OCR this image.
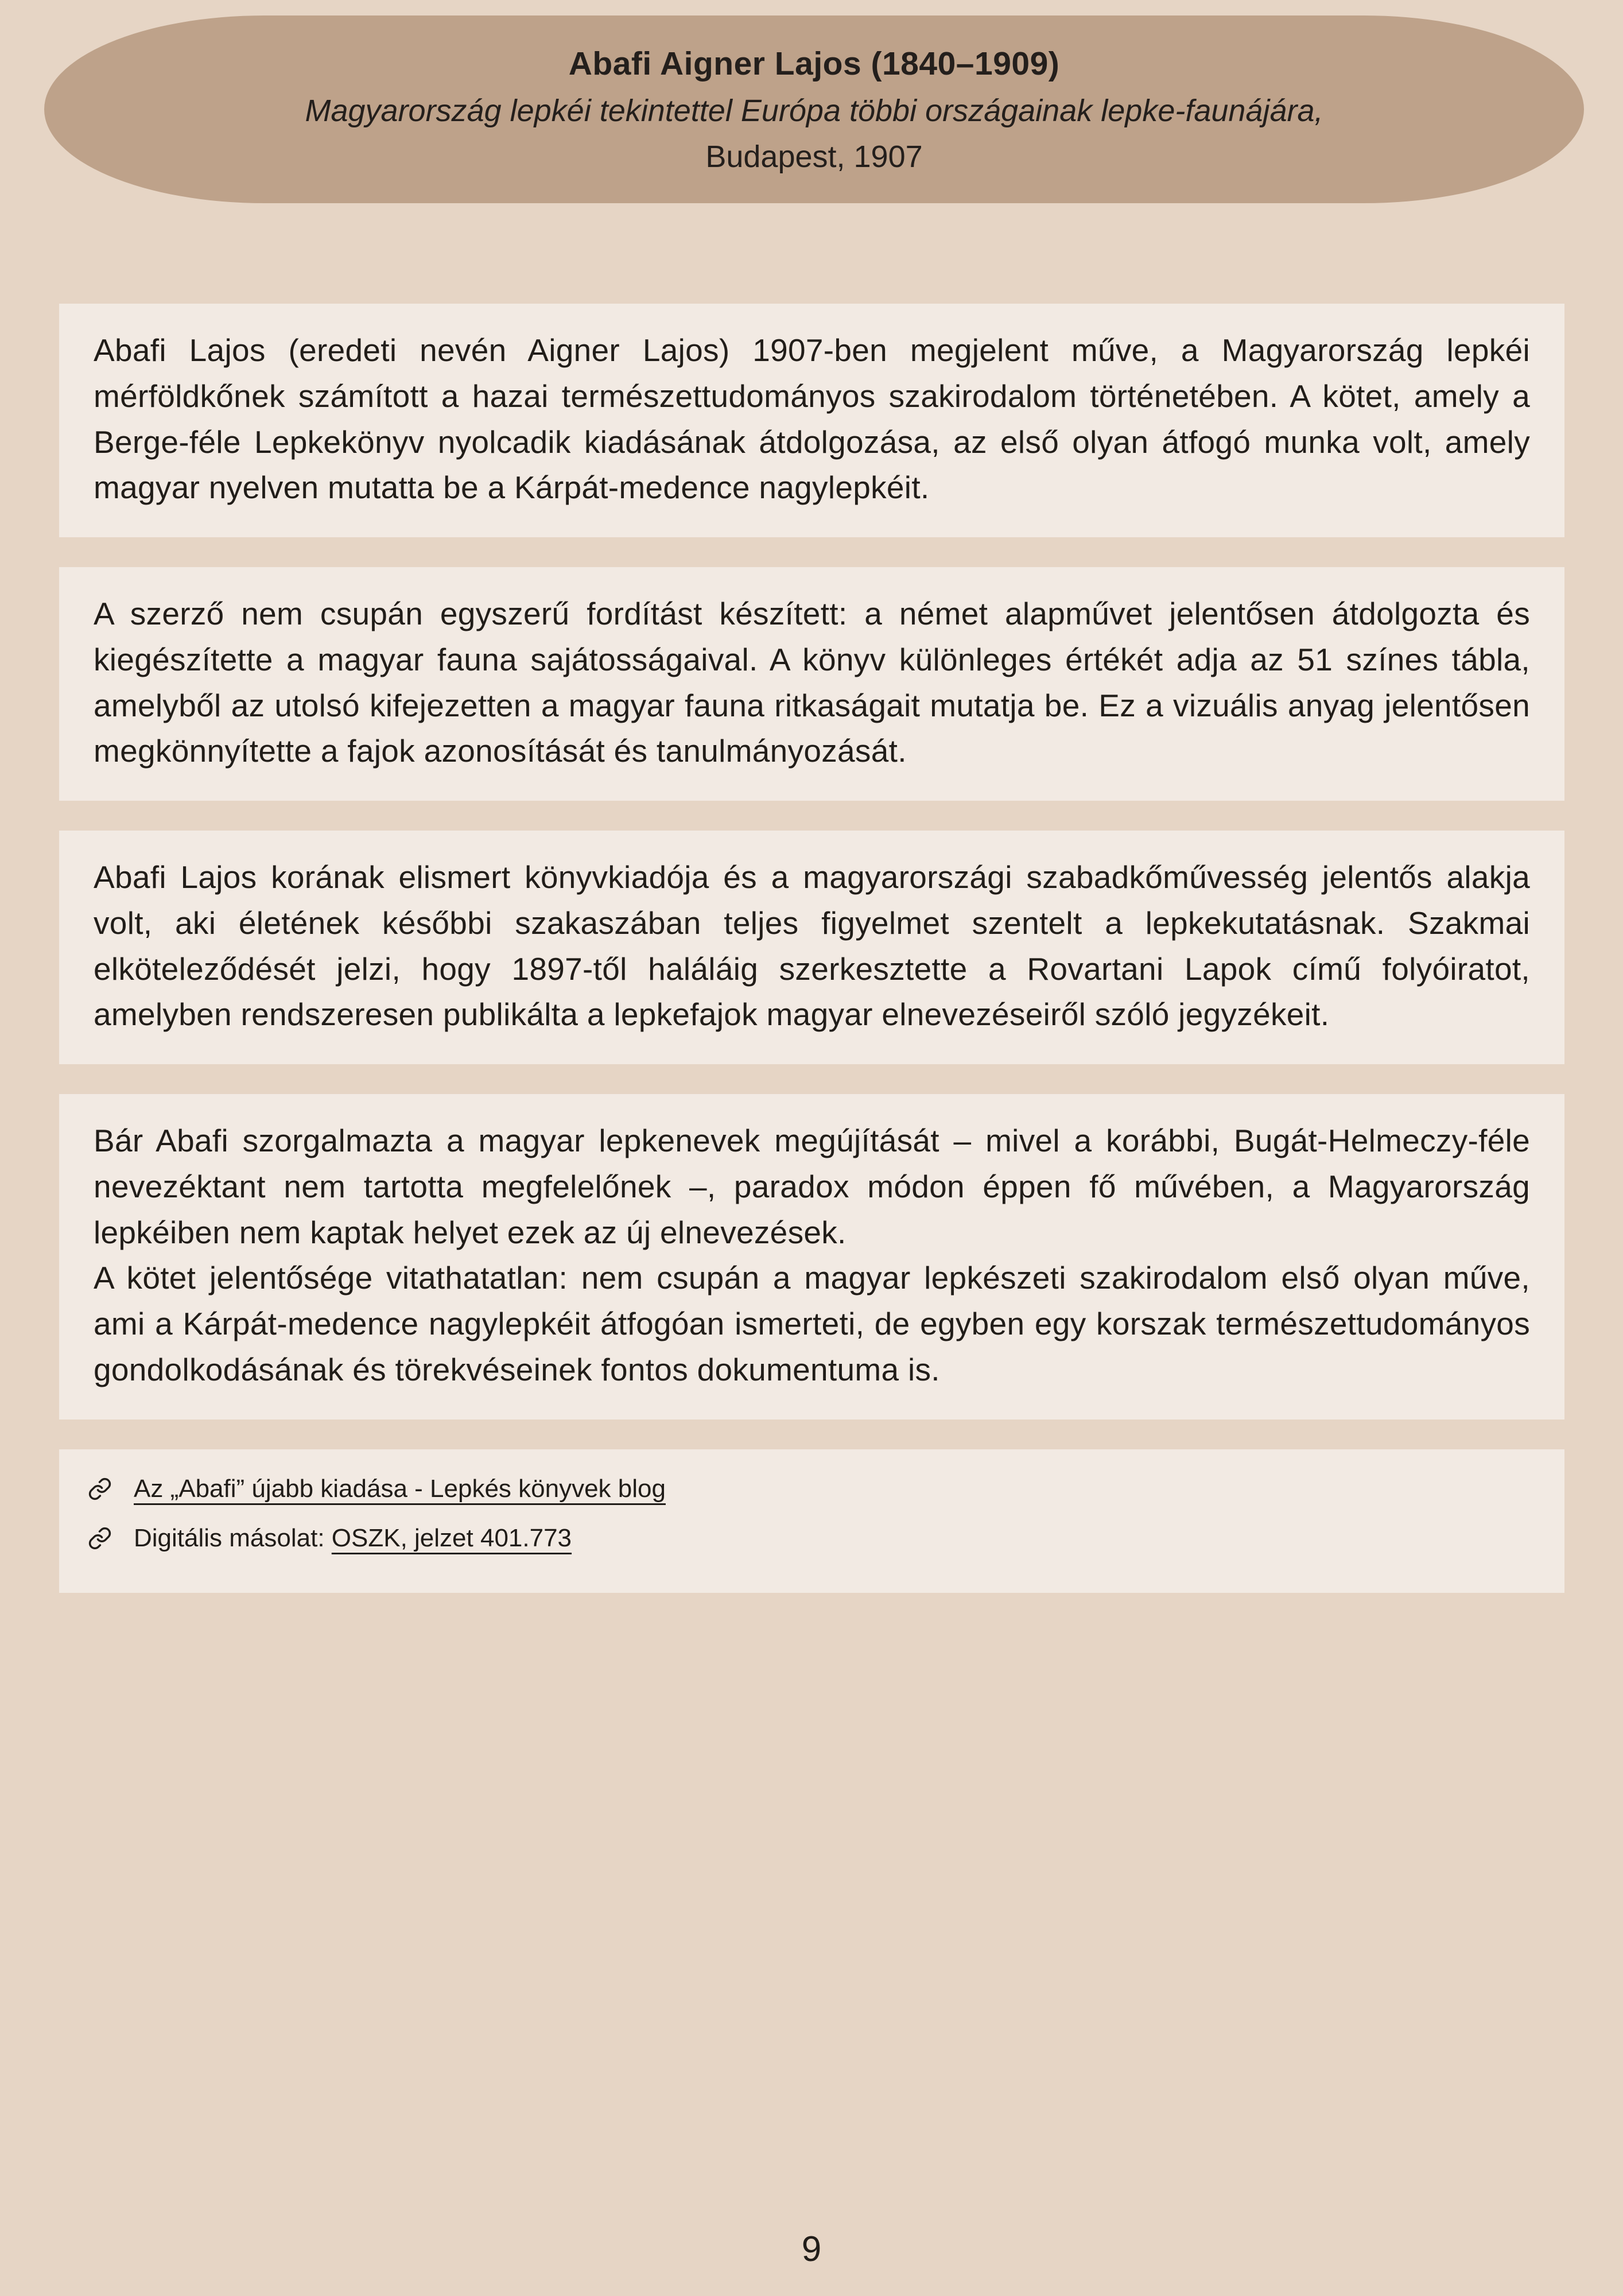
Abafi Aigner Lajos (1840–1909)

Magyarország lepkéi tekintettel Európa többi országainak lepke-faunájára,

Budapest, 1907

Abafi Lajos (eredeti nevén Aigner Lajos) 1907-ben megjelent műve, a Magyarország lepkéi mérföldkőnek számított a hazai természettudományos szakirodalom történetében. A kötet, amely a Berge-féle Lepkekönyv nyolcadik kiadásának átdolgozása, az első olyan átfogó munka volt, amely magyar nyelven mutatta be a Kárpát-medence nagylepkéit.

A szerző nem csupán egyszerű fordítást készített: a német alapművet jelentősen átdolgozta és kiegészítette a magyar fauna sajátosságaival. A könyv különleges értékét adja az 51 színes tábla, amelyből az utolsó kifejezetten a magyar fauna ritkaságait mutatja be. Ez a vizuális anyag jelentősen megkönnyítette a fajok azonosítását és tanulmányozását.

Abafi Lajos korának elismert könyvkiadója és a magyarországi szabadkőművesség jelentős alakja volt, aki életének későbbi szakaszában teljes figyelmet szentelt a lepkekutatásnak. Szakmai elköteleződését jelzi, hogy 1897-től haláláig szerkesztette a Rovartani Lapok című folyóiratot, amelyben rendszeresen publikálta a lepkefajok magyar elnevezéseiről szóló jegyzékeit.

Bár Abafi szorgalmazta a magyar lepkenevek megújítását – mivel a korábbi, Bugát-Helmeczy-féle nevezéktant nem tartotta megfelelőnek –, paradox módon éppen fő művében, a Magyarország lepkéiben nem kaptak helyet ezek az új elnevezések.

A kötet jelentősége vitathatatlan: nem csupán a magyar lepkészeti szakirodalom első olyan műve, ami a Kárpát-medence nagylepkéit átfogóan ismerteti, de egyben egy korszak természettudományos gondolkodásának és törekvéseinek fontos dokumentuma is.

Az „Abafi” újabb kiadása - Lepkés könyvek blog
Digitális másolat: OSZK, jelzet 401.773
9
